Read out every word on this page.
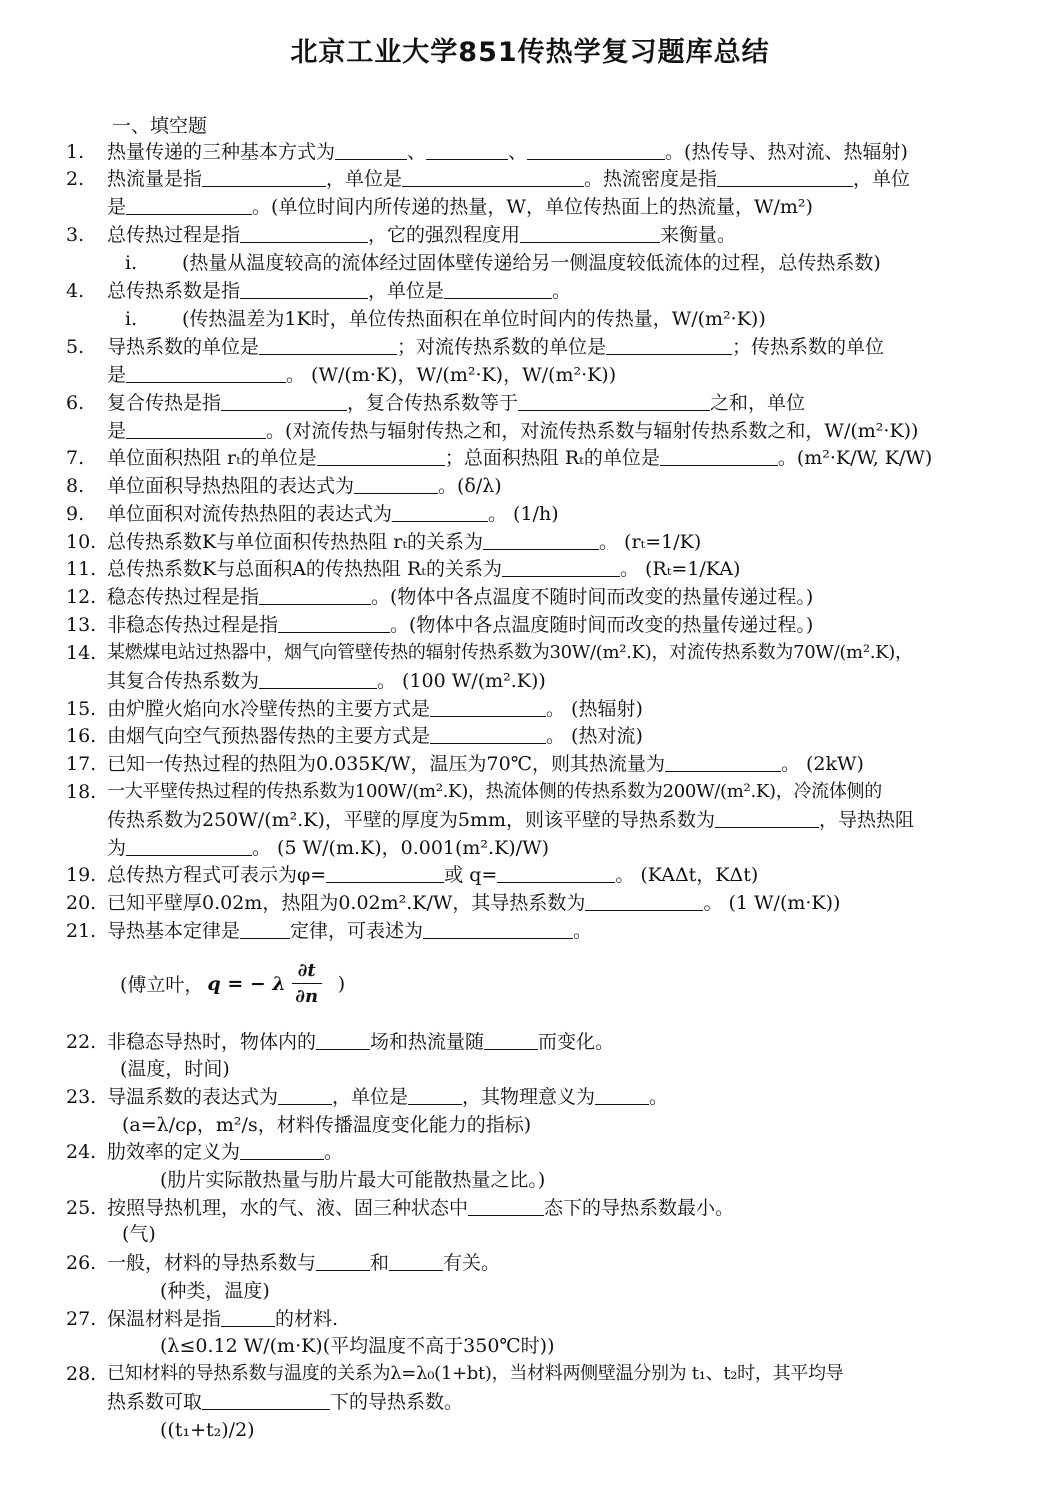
北京工业大学851传热学复习题库总结
一、填空题
1. 热量传递的三种基本方式为	、	、	。(热传导、热对流、热辐射)
2. 热流量是指	，单位是	。热流密度是指	，单位
是	。(单位时间内所传递的热量，W，单位传热面上的热流量，W/m²)
3. 总传热过程是指	，它的强烈程度用	来衡量。
i. (热量从温度较高的流体经过固体壁传递给另一侧温度较低流体的过程，总传热系数)
4. 总传热系数是指	，单位是	。
i. (传热温差为1K时，单位传热面积在单位时间内的传热量，W/(m²·K))
5. 导热系数的单位是	；对流传热系数的单位是	；传热系数的单位
是	。 (W/(m·K)，W/(m²·K)，W/(m²·K))
6. 复合传热是指	，复合传热系数等于	之和，单位
是	。(对流传热与辐射传热之和，对流传热系数与辐射传热系数之和，W/(m²·K))
7. 单位面积热阻 rₜ的单位是	；总面积热阻 Rₜ的单位是	。(m²·K/W, K/W)
8. 单位面积导热热阻的表达式为	。(δ/λ)
9. 单位面积对流传热热阻的表达式为	。 (1/h)
10. 总传热系数K与单位面积传热热阻 rₜ的关系为	。 (rₜ=1/K)
11. 总传热系数K与总面积A的传热热阻 Rₜ的关系为	。 (Rₜ=1/KA)
12. 稳态传热过程是指	。(物体中各点温度不随时间而改变的热量传递过程。)
13. 非稳态传热过程是指	。(物体中各点温度随时间而改变的热量传递过程。)
14. 某燃煤电站过热器中，烟气向管壁传热的辐射传热系数为30W/(m².K)，对流传热系数为70W/(m².K)，
其复合传热系数为	。 (100 W/(m².K))
15. 由炉膛火焰向水冷壁传热的主要方式是	。 (热辐射)
16. 由烟气向空气预热器传热的主要方式是	。 (热对流)
17. 已知一传热过程的热阻为0.035K/W，温压为70℃，则其热流量为	。 (2kW)
18. 一大平壁传热过程的传热系数为100W/(m².K)，热流体侧的传热系数为200W/(m².K)，冷流体侧的
传热系数为250W/(m².K)，平壁的厚度为5mm，则该平壁的导热系数为	，导热热阻
为	。 (5 W/(m.K)，0.001(m².K)/W)
19. 总传热方程式可表示为φ=	或 q=	。 (KAΔt，KΔt)
20. 已知平壁厚0.02m，热阻为0.02m².K/W，其导热系数为	。 (1 W/(m·K))
21. 导热基本定律是	定律，可表述为	。
(傅立叶， q = − λ $\frac{\partial t}{\partial n}$ )
22. 非稳态导热时，物体内的	场和热流量随	而变化。
(温度，时间)
23. 导温系数的表达式为	，单位是	，其物理意义为	。
(a=λ/cρ，m²/s，材料传播温度变化能力的指标)
24. 肋效率的定义为	。
(肋片实际散热量与肋片最大可能散热量之比。)
25. 按照导热机理，水的气、液、固三种状态中	态下的导热系数最小。
(气)
26. 一般，材料的导热系数与	和	有关。
(种类，温度)
27. 保温材料是指	的材料.
(λ≤0.12 W/(m·K)(平均温度不高于350℃时))
28. 已知材料的导热系数与温度的关系为λ=λ₀(1+bt)，当材料两侧壁温分别为 t₁、t₂时，其平均导
热系数可取	下的导热系数。
((t₁+t₂)/2)
